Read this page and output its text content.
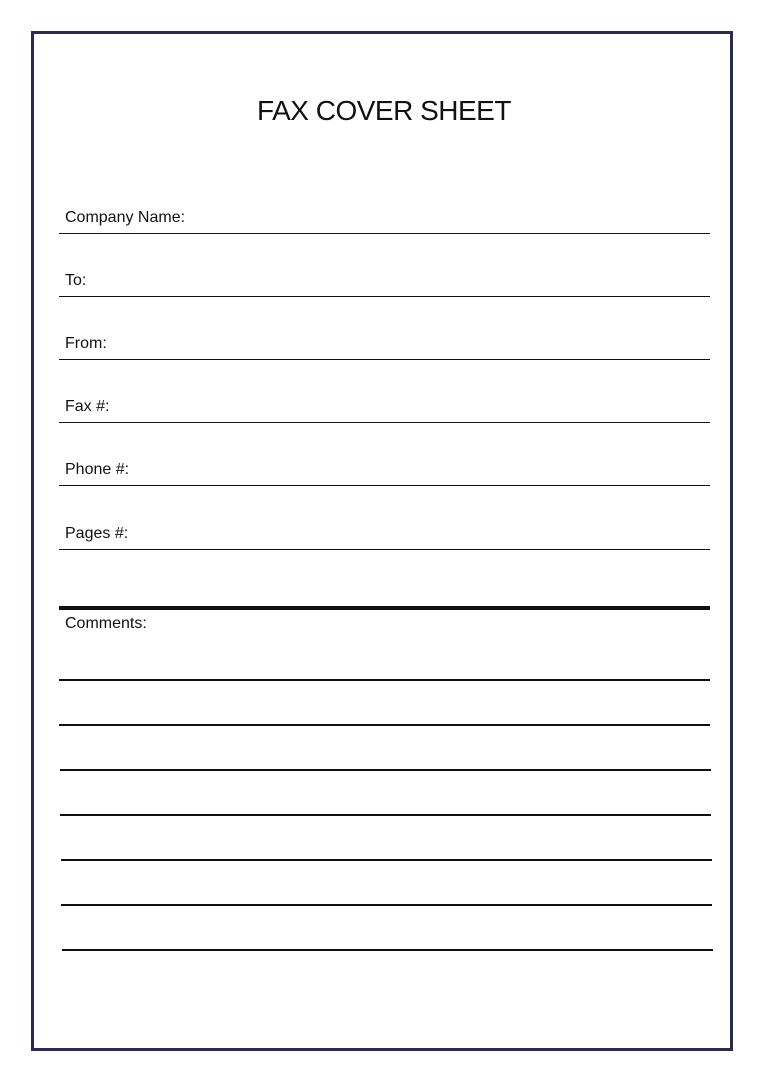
FAX COVER SHEET
Company Name:
To:
From:
Fax #:
Phone #:
Pages #:
Comments:
